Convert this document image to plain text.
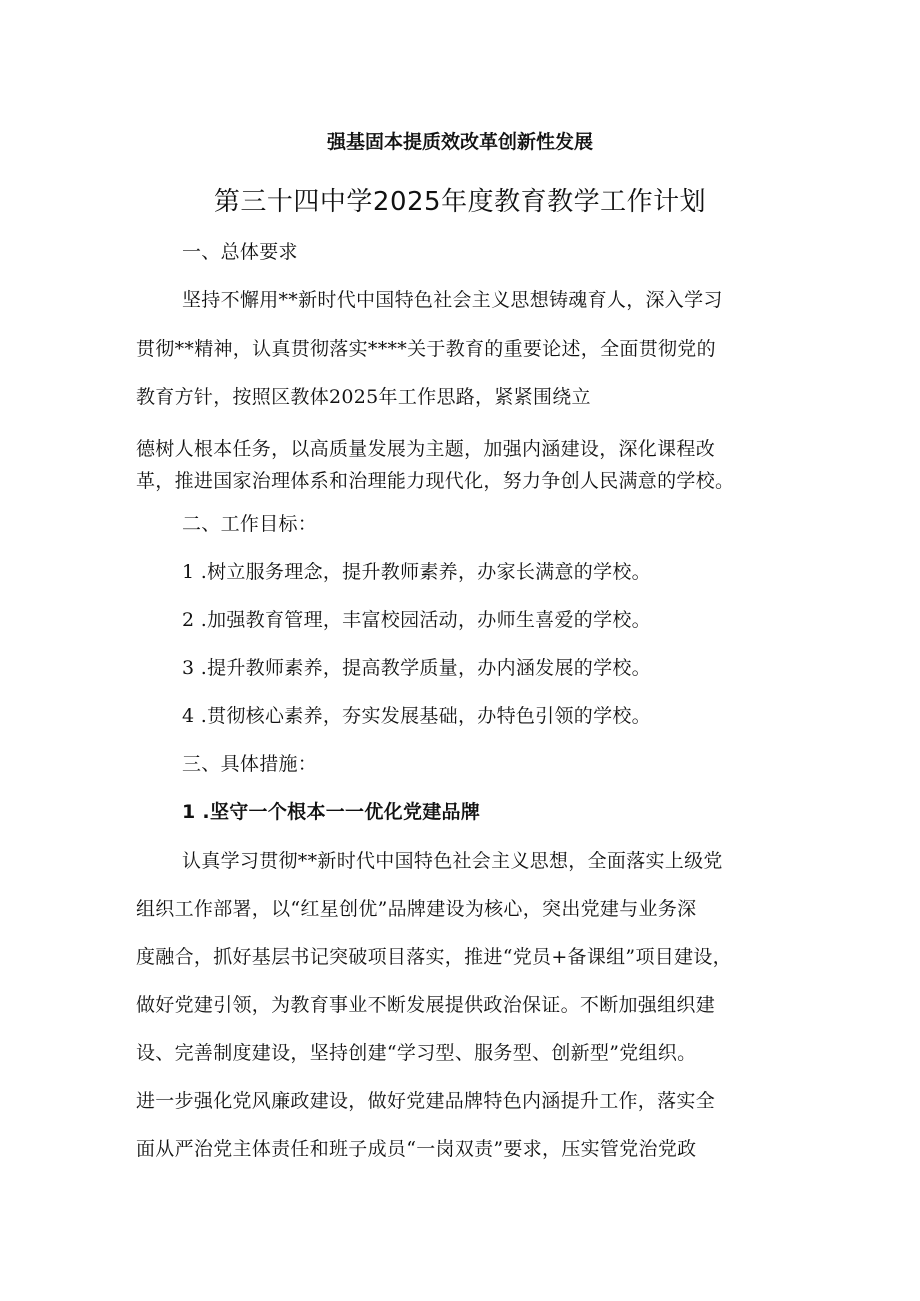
强基固本提质效改革创新性发展
第三十四中学2025年度教育教学工作计划
一、总体要求
坚持不懈用**新时代中国特色社会主义思想铸魂育人，深入学习
贯彻**精神，认真贯彻落实****关于教育的重要论述，全面贯彻党的
教育方针，按照区教体2025年工作思路，紧紧围绕立
德树人根本任务，以高质量发展为主题，加强内涵建设，深化课程改
革，推进国家治理体系和治理能力现代化，努力争创人民满意的学校。
二、工作目标：
1 .树立服务理念，提升教师素养，办家长满意的学校。
2 .加强教育管理，丰富校园活动，办师生喜爱的学校。
3 .提升教师素养，提高教学质量，办内涵发展的学校。
4 .贯彻核心素养，夯实发展基础，办特色引领的学校。
三、具体措施：
1 .坚守一个根本一一优化党建品牌
认真学习贯彻**新时代中国特色社会主义思想，全面落实上级党
组织工作部署，以“红星创优”品牌建设为核心，突出党建与业务深
度融合，抓好基层书记突破项目落实，推进“党员+备课组”项目建设，
做好党建引领，为教育事业不断发展提供政治保证。不断加强组织建
设、完善制度建设，坚持创建“学习型、服务型、创新型”党组织。
进一步强化党风廉政建设，做好党建品牌特色内涵提升工作，落实全
面从严治党主体责任和班子成员“一岗双责”要求，压实管党治党政
